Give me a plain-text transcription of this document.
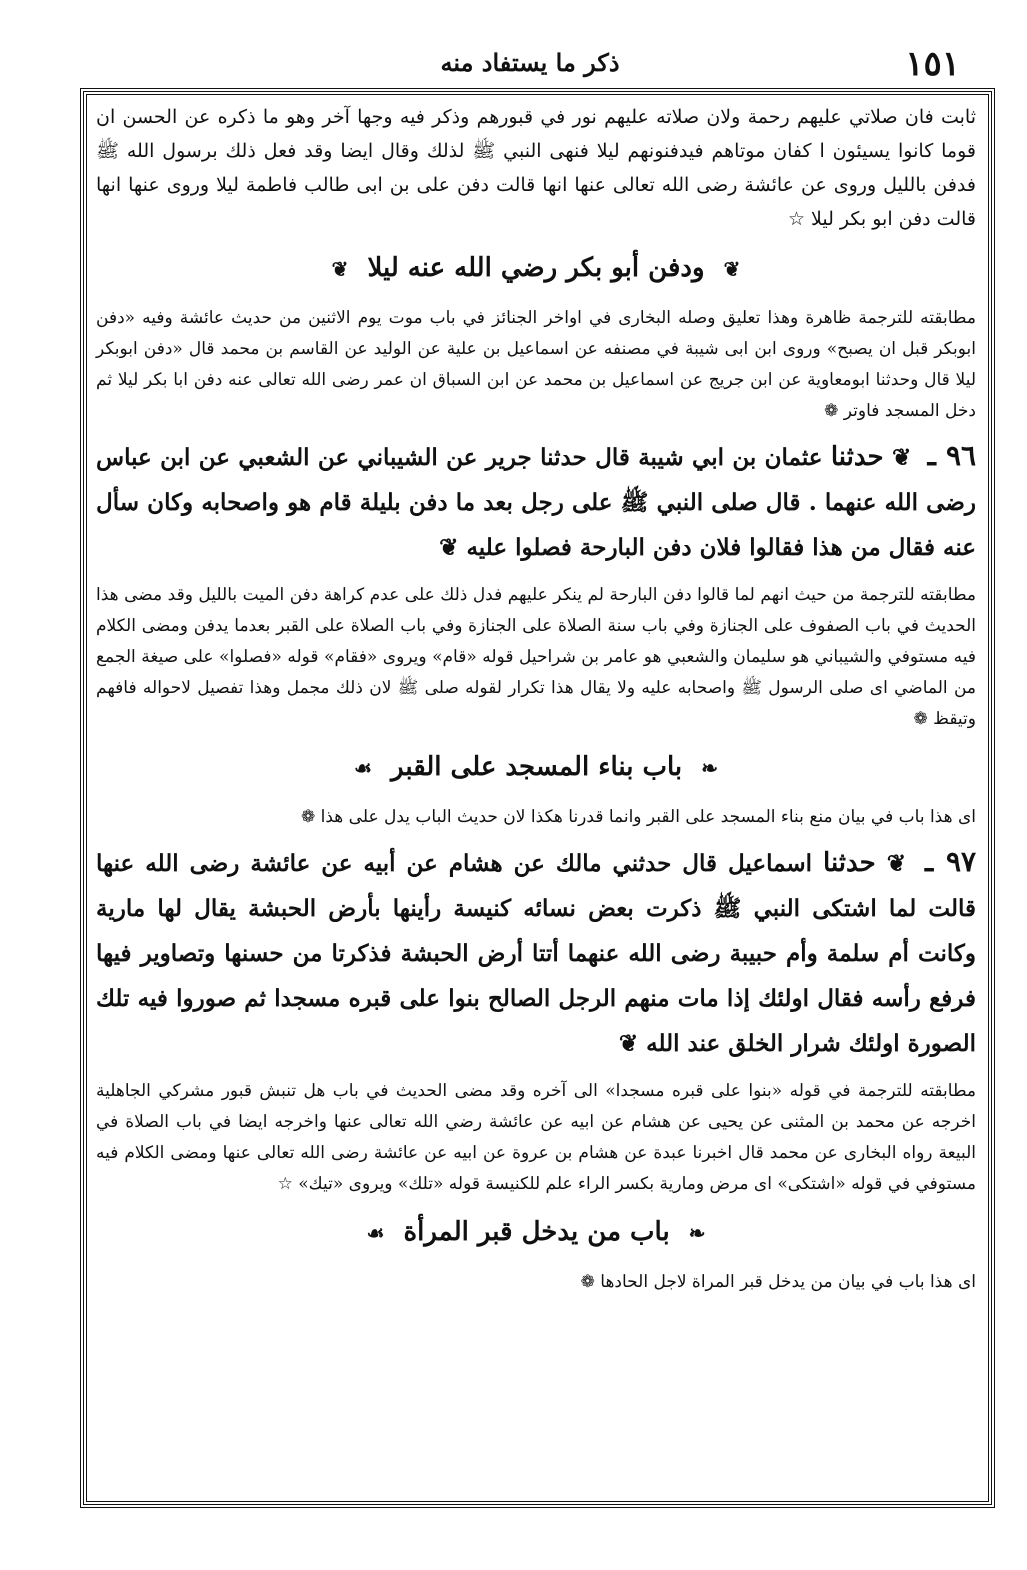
١٥١
ذكر ما يستفاد منه

ثابت فان صلاتي عليهم رحمة ولان صلاته عليهم نور في قبورهم وذكر فيه وجها آخر وهو ما ذكره عن الحسن ان قوما كانوا يسيئون ا كفان موتاهم فيدفنونهم ليلا فنهى النبي ﷺ لذلك وقال ايضا وقد فعل ذلك برسول الله ﷺ فدفن بالليل وروى عن عائشة رضى الله تعالى عنها انها قالت دفن على بن ابى طالب فاطمة ليلا وروى عنها انها قالت دفن ابو بكر ليلا ☆

❦ ودفن أبو بكر رضي الله عنه ليلا ❦

مطابقته للترجمة ظاهرة وهذا تعليق وصله البخارى في اواخر الجنائز في باب موت يوم الاثنين من حديث عائشة وفيه «دفن ابوبكر قبل ان يصبح» وروى ابن ابى شيبة في مصنفه عن اسماعيل بن علية عن الوليد عن القاسم بن محمد قال «دفن ابوبكر ليلا قال وحدثنا ابومعاوية عن ابن جريج عن اسماعيل بن محمد عن ابن السباق ان عمر رضى الله تعالى عنه دفن ابا بكر ليلا ثم دخل المسجد فاوتر ❁

٩٦ ـ ❦ حدثنا عثمان بن ابي شيبة قال حدثنا جرير عن الشيباني عن الشعبي عن ابن عباس رضى الله عنهما . قال صلى النبي ﷺ على رجل بعد ما دفن بليلة قام هو واصحابه وكان سأل عنه فقال من هذا فقالوا فلان دفن البارحة فصلوا عليه ❦

مطابقته للترجمة من حيث انهم لما قالوا دفن البارحة لم ينكر عليهم فدل ذلك على عدم كراهة دفن الميت بالليل وقد مضى هذا الحديث في باب الصفوف على الجنازة وفي باب سنة الصلاة على الجنازة وفي باب الصلاة على القبر بعدما يدفن ومضى الكلام فيه مستوفي والشيباني هو سليمان والشعبي هو عامر بن شراحيل قوله «قام» ويروى «فقام» قوله «فصلوا» على صيغة الجمع من الماضي اى صلى الرسول ﷺ واصحابه عليه ولا يقال هذا تكرار لقوله صلى ﷺ لان ذلك مجمل وهذا تفصيل لاحواله فافهم وتيقظ ❁

❧ باب بناء المسجد على القبر ☙

اى هذا باب في بيان منع بناء المسجد على القبر وانما قدرنا هكذا لان حديث الباب يدل على هذا ❁

٩٧ ـ ❦ حدثنا اسماعيل قال حدثني مالك عن هشام عن أبيه عن عائشة رضى الله عنها قالت لما اشتكى النبي ﷺ ذكرت بعض نسائه كنيسة رأينها بأرض الحبشة يقال لها مارية وكانت أم سلمة وأم حبيبة رضى الله عنهما أتتا أرض الحبشة فذكرتا من حسنها وتصاوير فيها فرفع رأسه فقال اولئك إذا مات منهم الرجل الصالح بنوا على قبره مسجدا ثم صوروا فيه تلك الصورة اولئك شرار الخلق عند الله ❦

مطابقته للترجمة في قوله «بنوا على قبره مسجدا» الى آخره وقد مضى الحديث في باب هل تنبش قبور مشركي الجاهلية اخرجه عن محمد بن المثنى عن يحيى عن هشام عن ابيه عن عائشة رضي الله تعالى عنها واخرجه ايضا في باب الصلاة في البيعة رواه البخارى عن محمد قال اخبرنا عبدة عن هشام بن عروة عن ابيه عن عائشة رضى الله تعالى عنها ومضى الكلام فيه مستوفي في قوله «اشتكى» اى مرض ومارية بكسر الراء علم للكنيسة قوله «تلك» ويروى «تيك» ☆

❧ باب من يدخل قبر المرأة ☙

اى هذا باب في بيان من يدخل قبر المراة لاجل الحادها ❁
